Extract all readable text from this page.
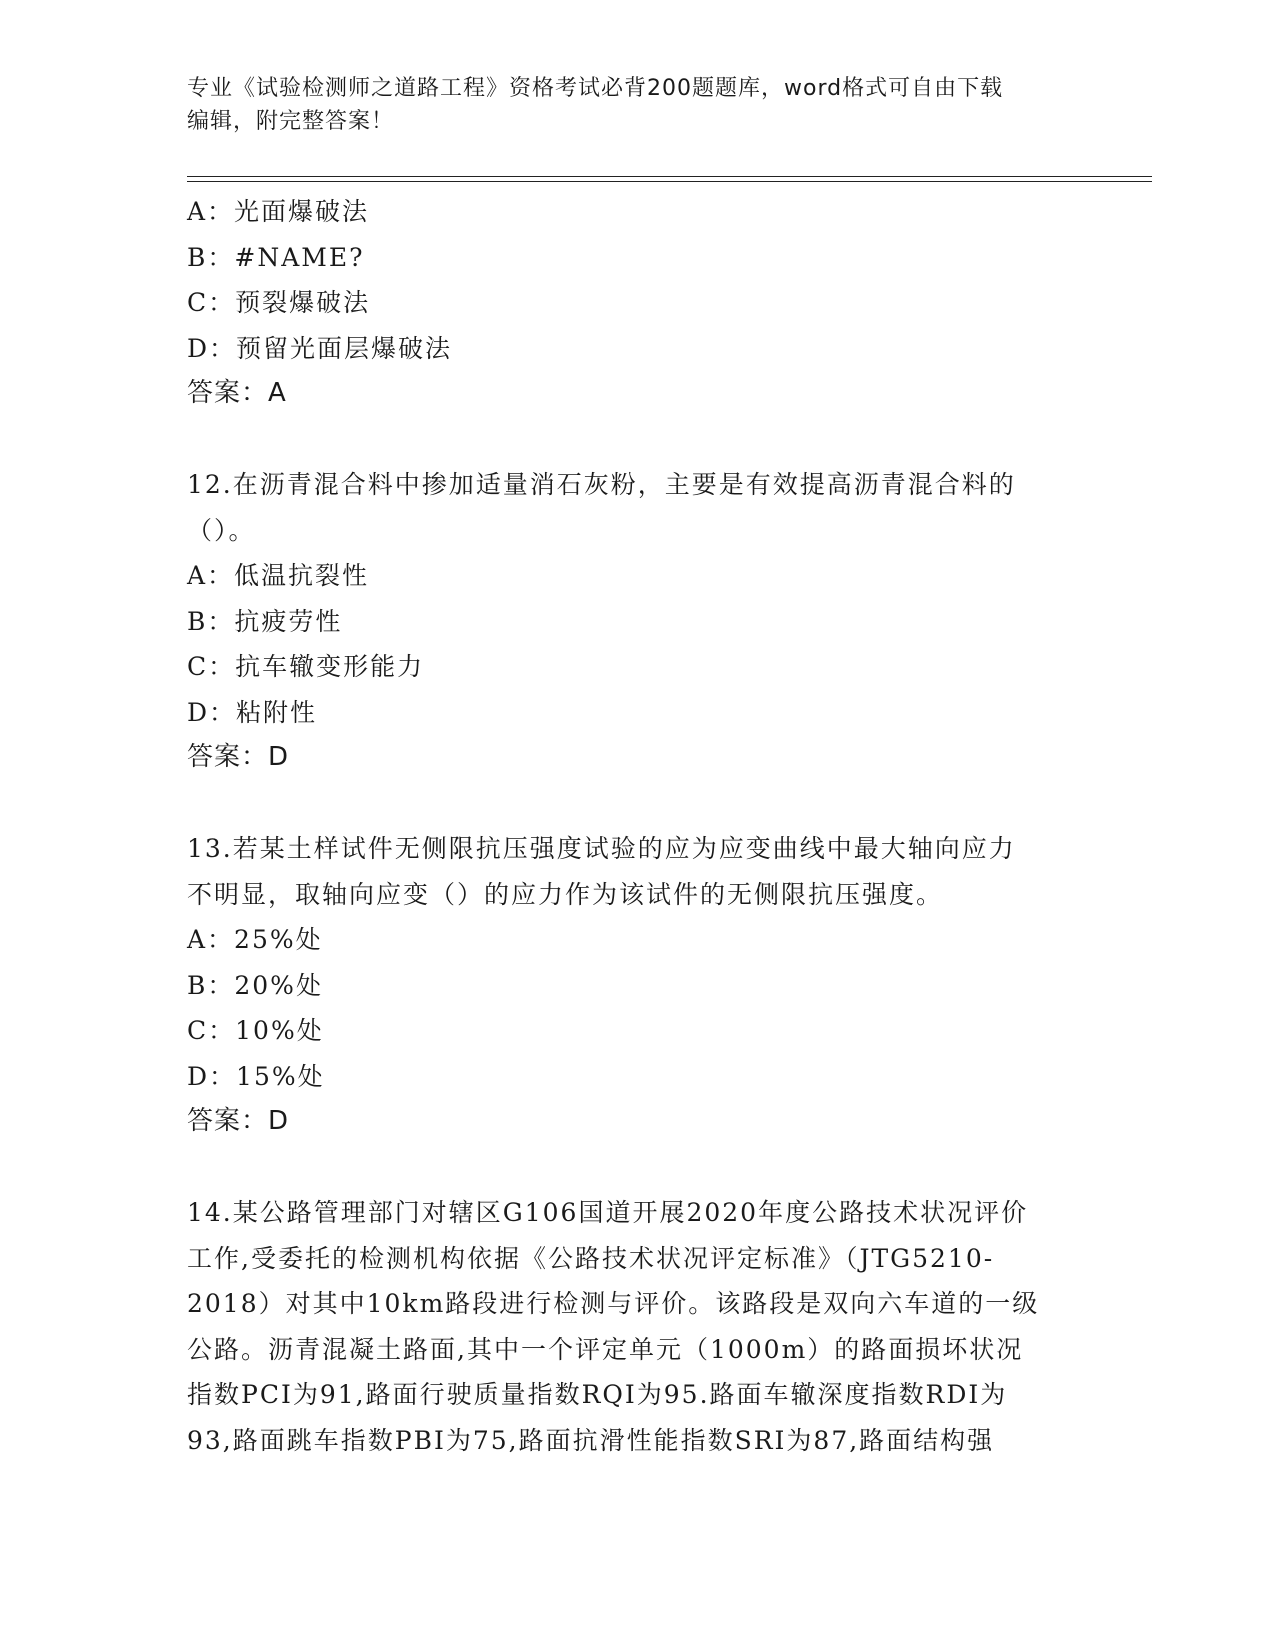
专业《试验检测师之道路工程》资格考试必背200题题库，word格式可自由下载
编辑，附完整答案！
A：光面爆破法
B：#NAME?
C：预裂爆破法
D：预留光面层爆破法
答案：A
12.在沥青混合料中掺加适量消石灰粉，主要是有效提高沥青混合料的
（）。
A：低温抗裂性
B：抗疲劳性
C：抗车辙变形能力
D：粘附性
答案：D
13.若某土样试件无侧限抗压强度试验的应为应变曲线中最大轴向应力
不明显，取轴向应变（）的应力作为该试件的无侧限抗压强度。
A：25%处
B：20%处
C：10%处
D：15%处
答案：D
14.某公路管理部门对辖区G106国道开展2020年度公路技术状况评价
工作,受委托的检测机构依据《公路技术状况评定标准》（JTG5210-
2018）对其中10km路段进行检测与评价。该路段是双向六车道的一级
公路。沥青混凝土路面,其中一个评定单元（1000m）的路面损坏状况
指数PCI为91,路面行驶质量指数RQI为95.路面车辙深度指数RDI为
93,路面跳车指数PBI为75,路面抗滑性能指数SRI为87,路面结构强
